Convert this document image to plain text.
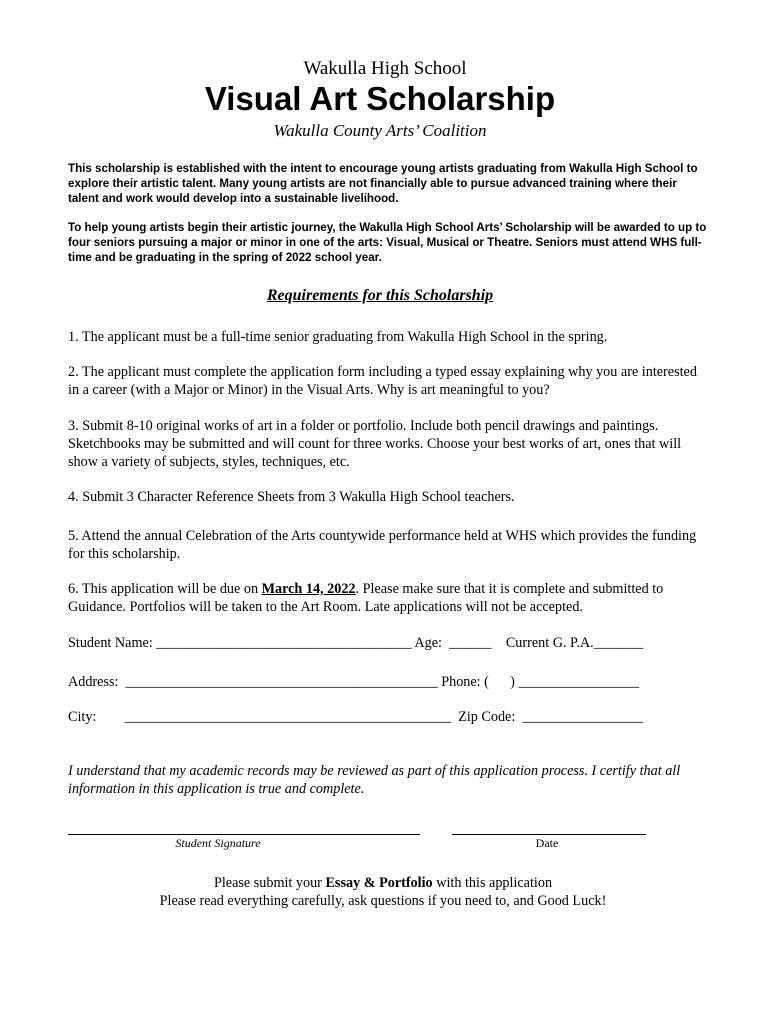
Wakulla High School
Visual Art Scholarship
Wakulla County Arts’ Coalition

This scholarship is established with the intent to encourage young artists graduating from Wakulla High School to explore their artistic talent. Many young artists are not financially able to pursue advanced training where their talent and work would develop into a sustainable livelihood.

To help young artists begin their artistic journey, the Wakulla High School Arts’ Scholarship will be awarded to up to four seniors pursuing a major or minor in one of the arts: Visual, Musical or Theatre. Seniors must attend WHS full-time and be graduating in the spring of 2022 school year.

Requirements for this Scholarship

1. The applicant must be a full-time senior graduating from Wakulla High School in the spring.

2. The applicant must complete the application form including a typed essay explaining why you are interested in a career (with a Major or Minor) in the Visual Arts. Why is art meaningful to you?

3. Submit 8-10 original works of art in a folder or portfolio. Include both pencil drawings and paintings. Sketchbooks may be submitted and will count for three works. Choose your best works of art, ones that will show a variety of subjects, styles, techniques, etc.

4. Submit 3 Character Reference Sheets from 3 Wakulla High School teachers.

5. Attend the annual Celebration of the Arts countywide performance held at WHS which provides the funding for this scholarship.

6. This application will be due on March 14, 2022. Please make sure that it is complete and submitted to Guidance. Portfolios will be taken to the Art Room. Late applications will not be accepted.

Student Name: ____________________________________ Age:  ______    Current G. P.A._______
Address:  ____________________________________________ Phone: (      ) _________________
City:        ______________________________________________  Zip Code:  _________________

I understand that my academic records may be reviewed as part of this application process. I certify that all information in this application is true and complete.

Student Signature	Date
Please submit your Essay & Portfolio with this application
Please read everything carefully, ask questions if you need to, and Good Luck!
